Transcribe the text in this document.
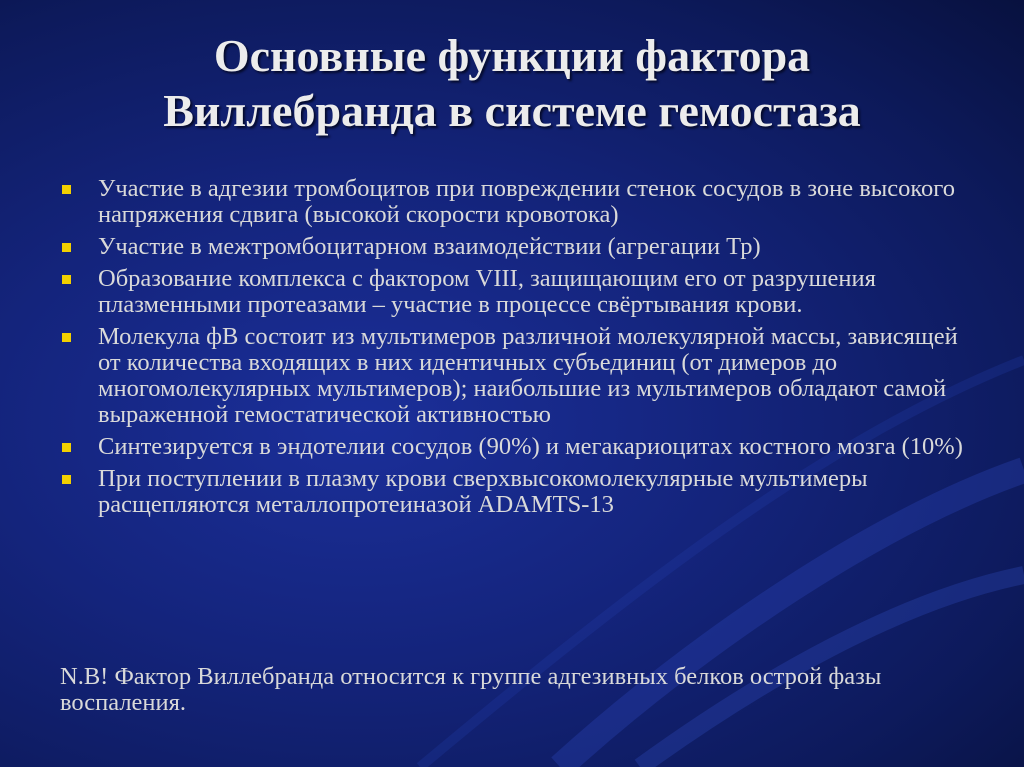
Основные функции фактора
Виллебранда в системе гемостаза
Участие в адгезии тромбоцитов при повреждении стенок сосудов в зоне высокого напряжения сдвига (высокой скорости кровотока)
Участие в межтромбоцитарном взаимодействии (агрегации Тр)
Образование комплекса с фактором VIII, защищающим его от разрушения плазменными протеазами – участие в процессе свёртывания крови.
Молекула фВ состоит из мультимеров различной молекулярной массы, зависящей от количества входящих в них идентичных субъединиц (от димеров до многомолекулярных мультимеров); наибольшие из мультимеров обладают самой выраженной гемостатической активностью
Синтезируется в эндотелии сосудов (90%) и мегакариоцитах костного мозга (10%)
При поступлении в плазму крови сверхвысокомолекулярные мультимеры расщепляются металлопротеиназой ADAMTS-13

N.B! Фактор Виллебранда относится к группе адгезивных белков острой фазы воспаления.
